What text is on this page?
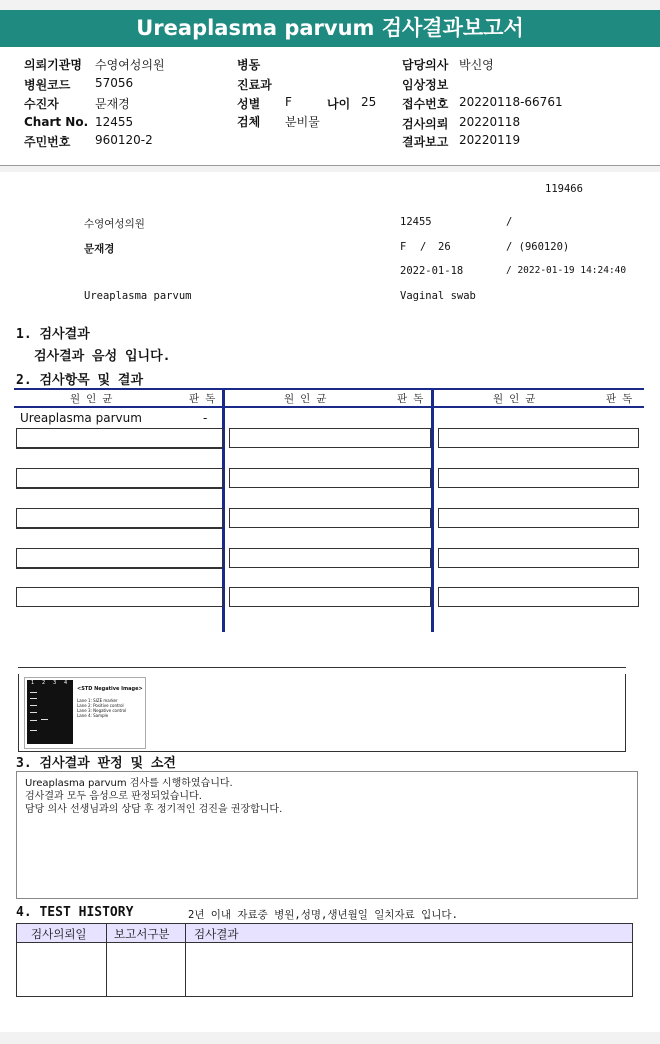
Ureaplasma parvum 검사결과보고서
의뢰기관명 수영여성의원
병원코드 57056
수진자	문재경
Chart No. 12455
주민번호 960120-2
병동
진료과
성별 F	나이 25
검체 분비물
담당의사 박신영
임상정보
접수번호 20220118-66761
검사의뢰 20220118
결과보고 20220119
119466
수영여성의원	12455	/
문재경	F / 26	/ (960120)
2022-01-18	/ 2022-01-19 14:24:40
Ureaplasma parvum	Vaginal swab
1. 검사결과
검사결과 음성 입니다.
2. 검사항목 및 결과
원인균	판독	원인균	판독	원인균	판독
Ureaplasma parvum	-
1 2 3 4
<STD Negative Image>
Lane 1: SIZE marker
Lane 2: Positive control
Lane 3: Negative control
Lane 4: Sample
3. 검사결과 판정 및 소견
Ureaplasma parvum 검사를 시행하였습니다.
검사결과 모두 음성으로 판정되었습니다.
담당 의사 선생님과의 상담 후 정기적인 검진을 권장합니다.
4. TEST HISTORY	2년 이내 자료중 병원,성명,생년월일 일치자료 입니다.
검사의뢰일 보고서구분 검사결과
